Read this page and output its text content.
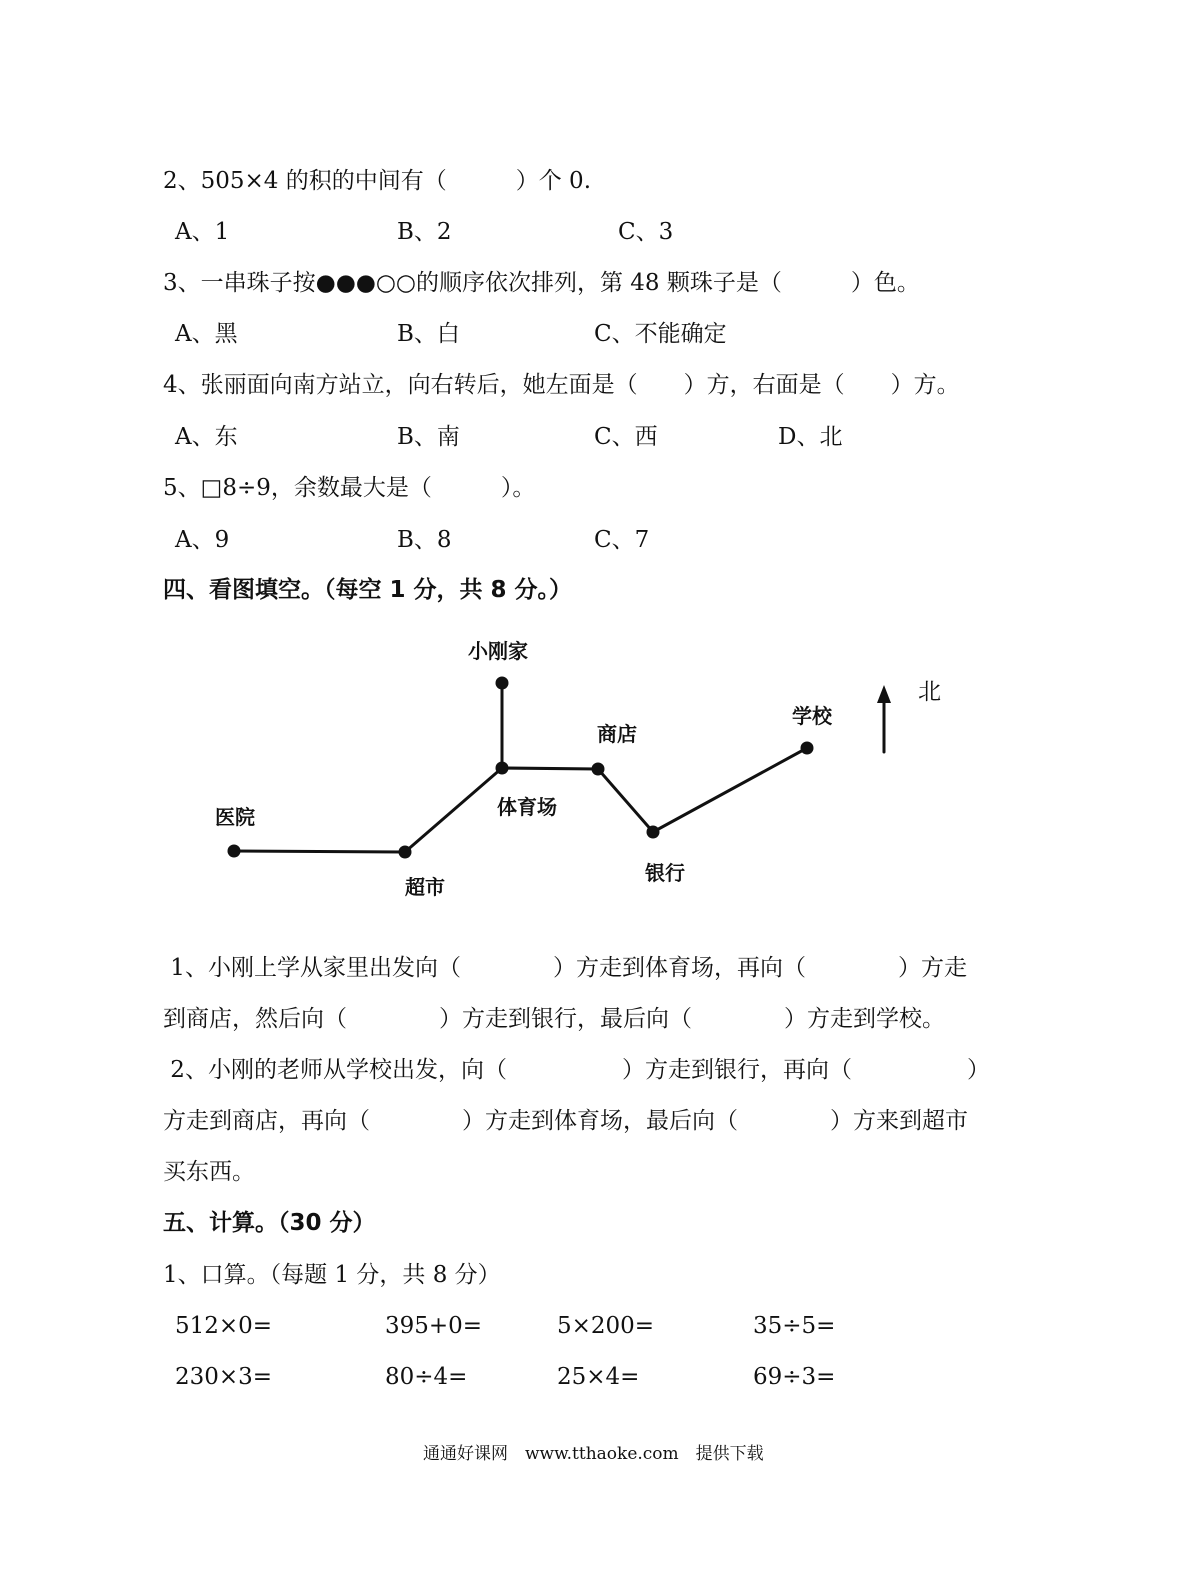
2、505×4 的积的中间有（　　　）个 0.
A、1	B、2	C、3
3、一串珠子按●●●○○的顺序依次排列，第 48 颗珠子是（　　　）色。
A、黑	B、白	C、不能确定
4、张丽面向南方站立，向右转后，她左面是（　　）方，右面是（　　）方。
A、东	B、南	C、西	D、北
5、□8÷9，余数最大是（　　　）。
A、9	B、8	C、7
四、看图填空。（每空 1 分，共 8 分。）
小刚家
商店
学校
医院	体育场
超市
银行
北
1、小刚上学从家里出发向（　　　　）方走到体育场，再向（　　　　）方走
到商店，然后向（　　　　）方走到银行，最后向（　　　　）方走到学校。
2、小刚的老师从学校出发，向（　　　　　）方走到银行，再向（　　　　　）
方走到商店，再向（　　　　）方走到体育场，最后向（　　　　）方来到超市
买东西。
五、计算。（30 分）
1、口算。（每题 1 分，共 8 分）
512×0=	395+0=	5×200=	35÷5=
230×3=	80÷4=	25×4=	69÷3=
通通好课网　www.tthaoke.com　提供下载
